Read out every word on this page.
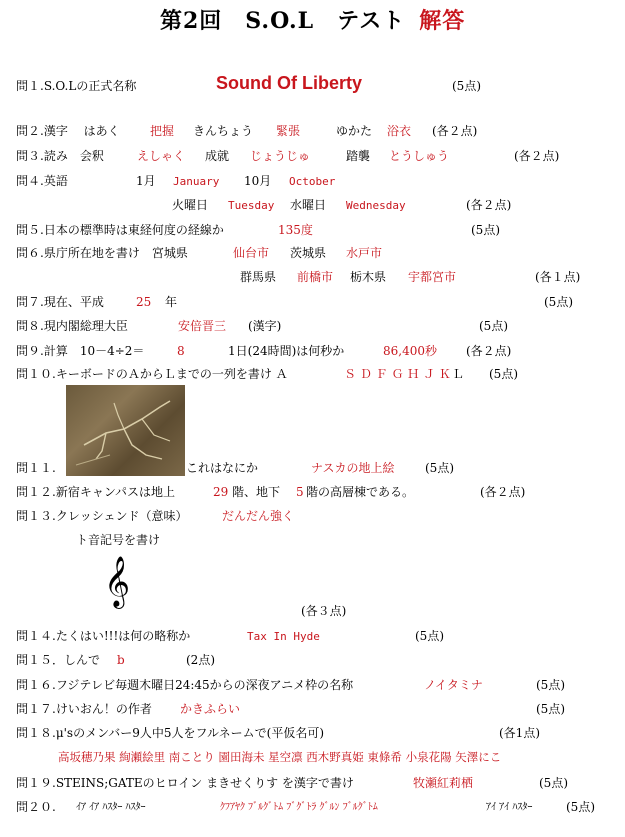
第2回　S.O.L　テスト 解答
問１.S.O.Lの正式名称	Sound Of Liberty	(5点)
問２.漢字　 はあく	把握 きんちょう 緊張	ゆかた 浴衣 (各２点)
問３.読み　会釈	えしゃく 成就 じょうじゅ	踏襲 とうしゅう	(各２点)
問４.英語	1月 January 10月 October
火曜日 Tuesday 水曜日 Wednesday	(各２点)
問５.日本の標準時は東経何度の経線か	135度	(5点)
問６.県庁所在地を書け　宮城県	仙台市 茨城県 水戸市
群馬県 前橋市 栃木県 宇都宮市	(各１点)
問７.現在、平成	25 年	(5点)
問８.現内閣総理大臣	安倍晋三 (漢字)	(5点)
問９.計算　10－4÷2＝	8	1日(24時間)は何秒か	86,400秒 (各２点)
問１０.キーボードのＡからＬまでの一列を書け Ａ	Ｓ Ｄ Ｆ Ｇ Ｈ Ｊ Ｋ Ｌ (5点)
問１１.	これはなにか	ナスカの地上絵	(5点)
問１２.新宿キャンパスは地上	29 階、地下 5 階の高層棟である。	(各２点)
問１３.クレッシェンド（意味）	だんだん強く
ト音記号を書け
𝄞
(各３点)
問１４.たくはい!!!は何の略称か	Tax In Hyde	(5点)
問１５．しんで b	(2点)
問１６.フジテレビ毎週木曜日24:45からの深夜アニメ枠の名称	ノイタミナ	(5点)
問１７.けいおん！の作者 かきふらい	(5点)
問１８.μ'sのメンバー9人中5人をフルネームで(平仮名可)	(各1点)
高坂穂乃果 絢瀬絵里 南ことり 園田海未 星空凛 西木野真姫 東條希 小泉花陽 矢澤にこ
問１９.STEINS;GATEのヒロイン まきせくりす を漢字で書け	牧瀬紅莉栖	(5点)
問２０. ｲｱ ｲｱ ﾊｽﾀｰ ﾊｽﾀｰ	ｸﾌｱﾔｸ ﾌﾞﾙｸﾞﾄﾑ ﾌﾞｸﾞﾄﾗ ｸﾞﾙﾝ ﾌﾞﾙｸﾞﾄﾑ	ｱｲ ｱｲ ﾊｽﾀｰ	(5点)
